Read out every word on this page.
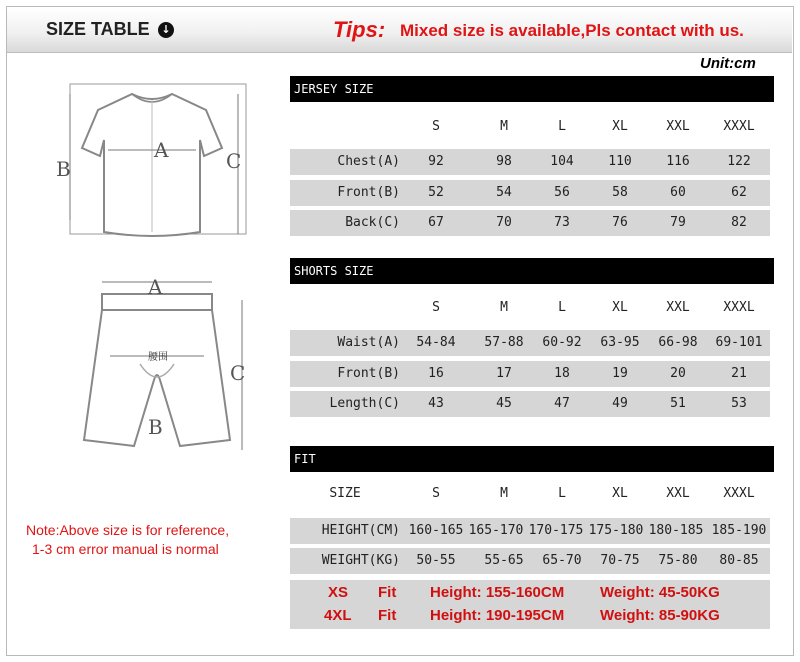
SIZE TABLE	↓	Tips: Mixed size is available,Pls contact with us.
Unit:cm
A
B	C
A
B
C
腰围
Note:Above size is for reference,
1-3 cm error manual is normal
JERSEY SIZE
S	M	L	XL	XXL	XXXL
Chest(A)	92	98	104	110	116	122
Front(B)	52	54	56	58	60	62
Back(C)	67	70	73	76	79	82
SHORTS SIZE
S	M	L	XL	XXL	XXXL
Waist(A)	54-84	57-88	60-92	63-95	66-98	69-101
Front(B)	16	17	18	19	20	21
Length(C)	43	45	47	49	51	53
FIT
SIZE	S	M	L	XL	XXL	XXXL
HEIGHT(CM) 160-165 165-170 170-175 175-180 180-185 185-190
WEIGHT(KG)	50-55	55-65	65-70	70-75	75-80	80-85
XS Fit Height: 155-160CM Weight: 45-50KG
4XL Fit Height: 190-195CM Weight: 85-90KG
